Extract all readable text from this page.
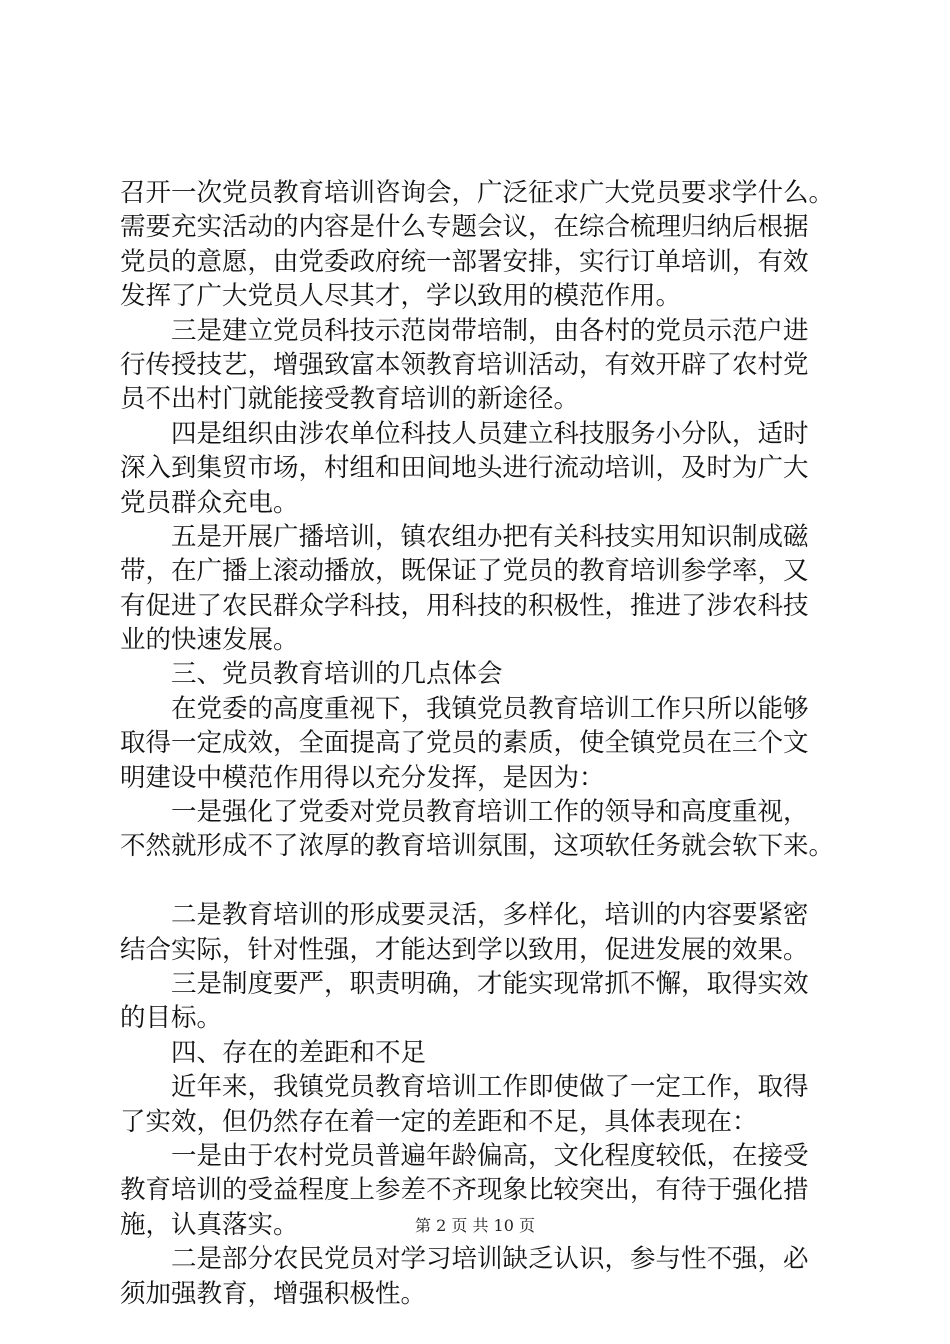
召开一次党员教育培训咨询会，广泛征求广大党员要求学什么。
需要充实活动的内容是什么专题会议，在综合梳理归纳后根据
党员的意愿，由党委政府统一部署安排，实行订单培训，有效
发挥了广大党员人尽其才，学以致用的模范作用。
　　三是建立党员科技示范岗带培制，由各村的党员示范户进
行传授技艺，增强致富本领教育培训活动，有效开辟了农村党
员不出村门就能接受教育培训的新途径。
　　四是组织由涉农单位科技人员建立科技服务小分队，适时
深入到集贸市场，村组和田间地头进行流动培训，及时为广大
党员群众充电。
　　五是开展广播培训，镇农组办把有关科技实用知识制成磁
带，在广播上滚动播放，既保证了党员的教育培训参学率，又
有促进了农民群众学科技，用科技的积极性，推进了涉农科技
业的快速发展。
　　三、党员教育培训的几点体会
　　在党委的高度重视下，我镇党员教育培训工作只所以能够
取得一定成效，全面提高了党员的素质，使全镇党员在三个文
明建设中模范作用得以充分发挥，是因为：
　　一是强化了党委对党员教育培训工作的领导和高度重视，
不然就形成不了浓厚的教育培训氛围，这项软任务就会软下来。
　　二是教育培训的形成要灵活，多样化，培训的内容要紧密
结合实际，针对性强，才能达到学以致用，促进发展的效果。
　　三是制度要严，职责明确，才能实现常抓不懈，取得实效
的目标。
　　四、存在的差距和不足
　　近年来，我镇党员教育培训工作即使做了一定工作，取得
了实效，但仍然存在着一定的差距和不足，具体表现在：
　　一是由于农村党员普遍年龄偏高，文化程度较低，在接受
教育培训的受益程度上参差不齐现象比较突出，有待于强化措
施，认真落实。
　　二是部分农民党员对学习培训缺乏认识，参与性不强，必
须加强教育，增强积极性。
第 2 页 共 10 页
